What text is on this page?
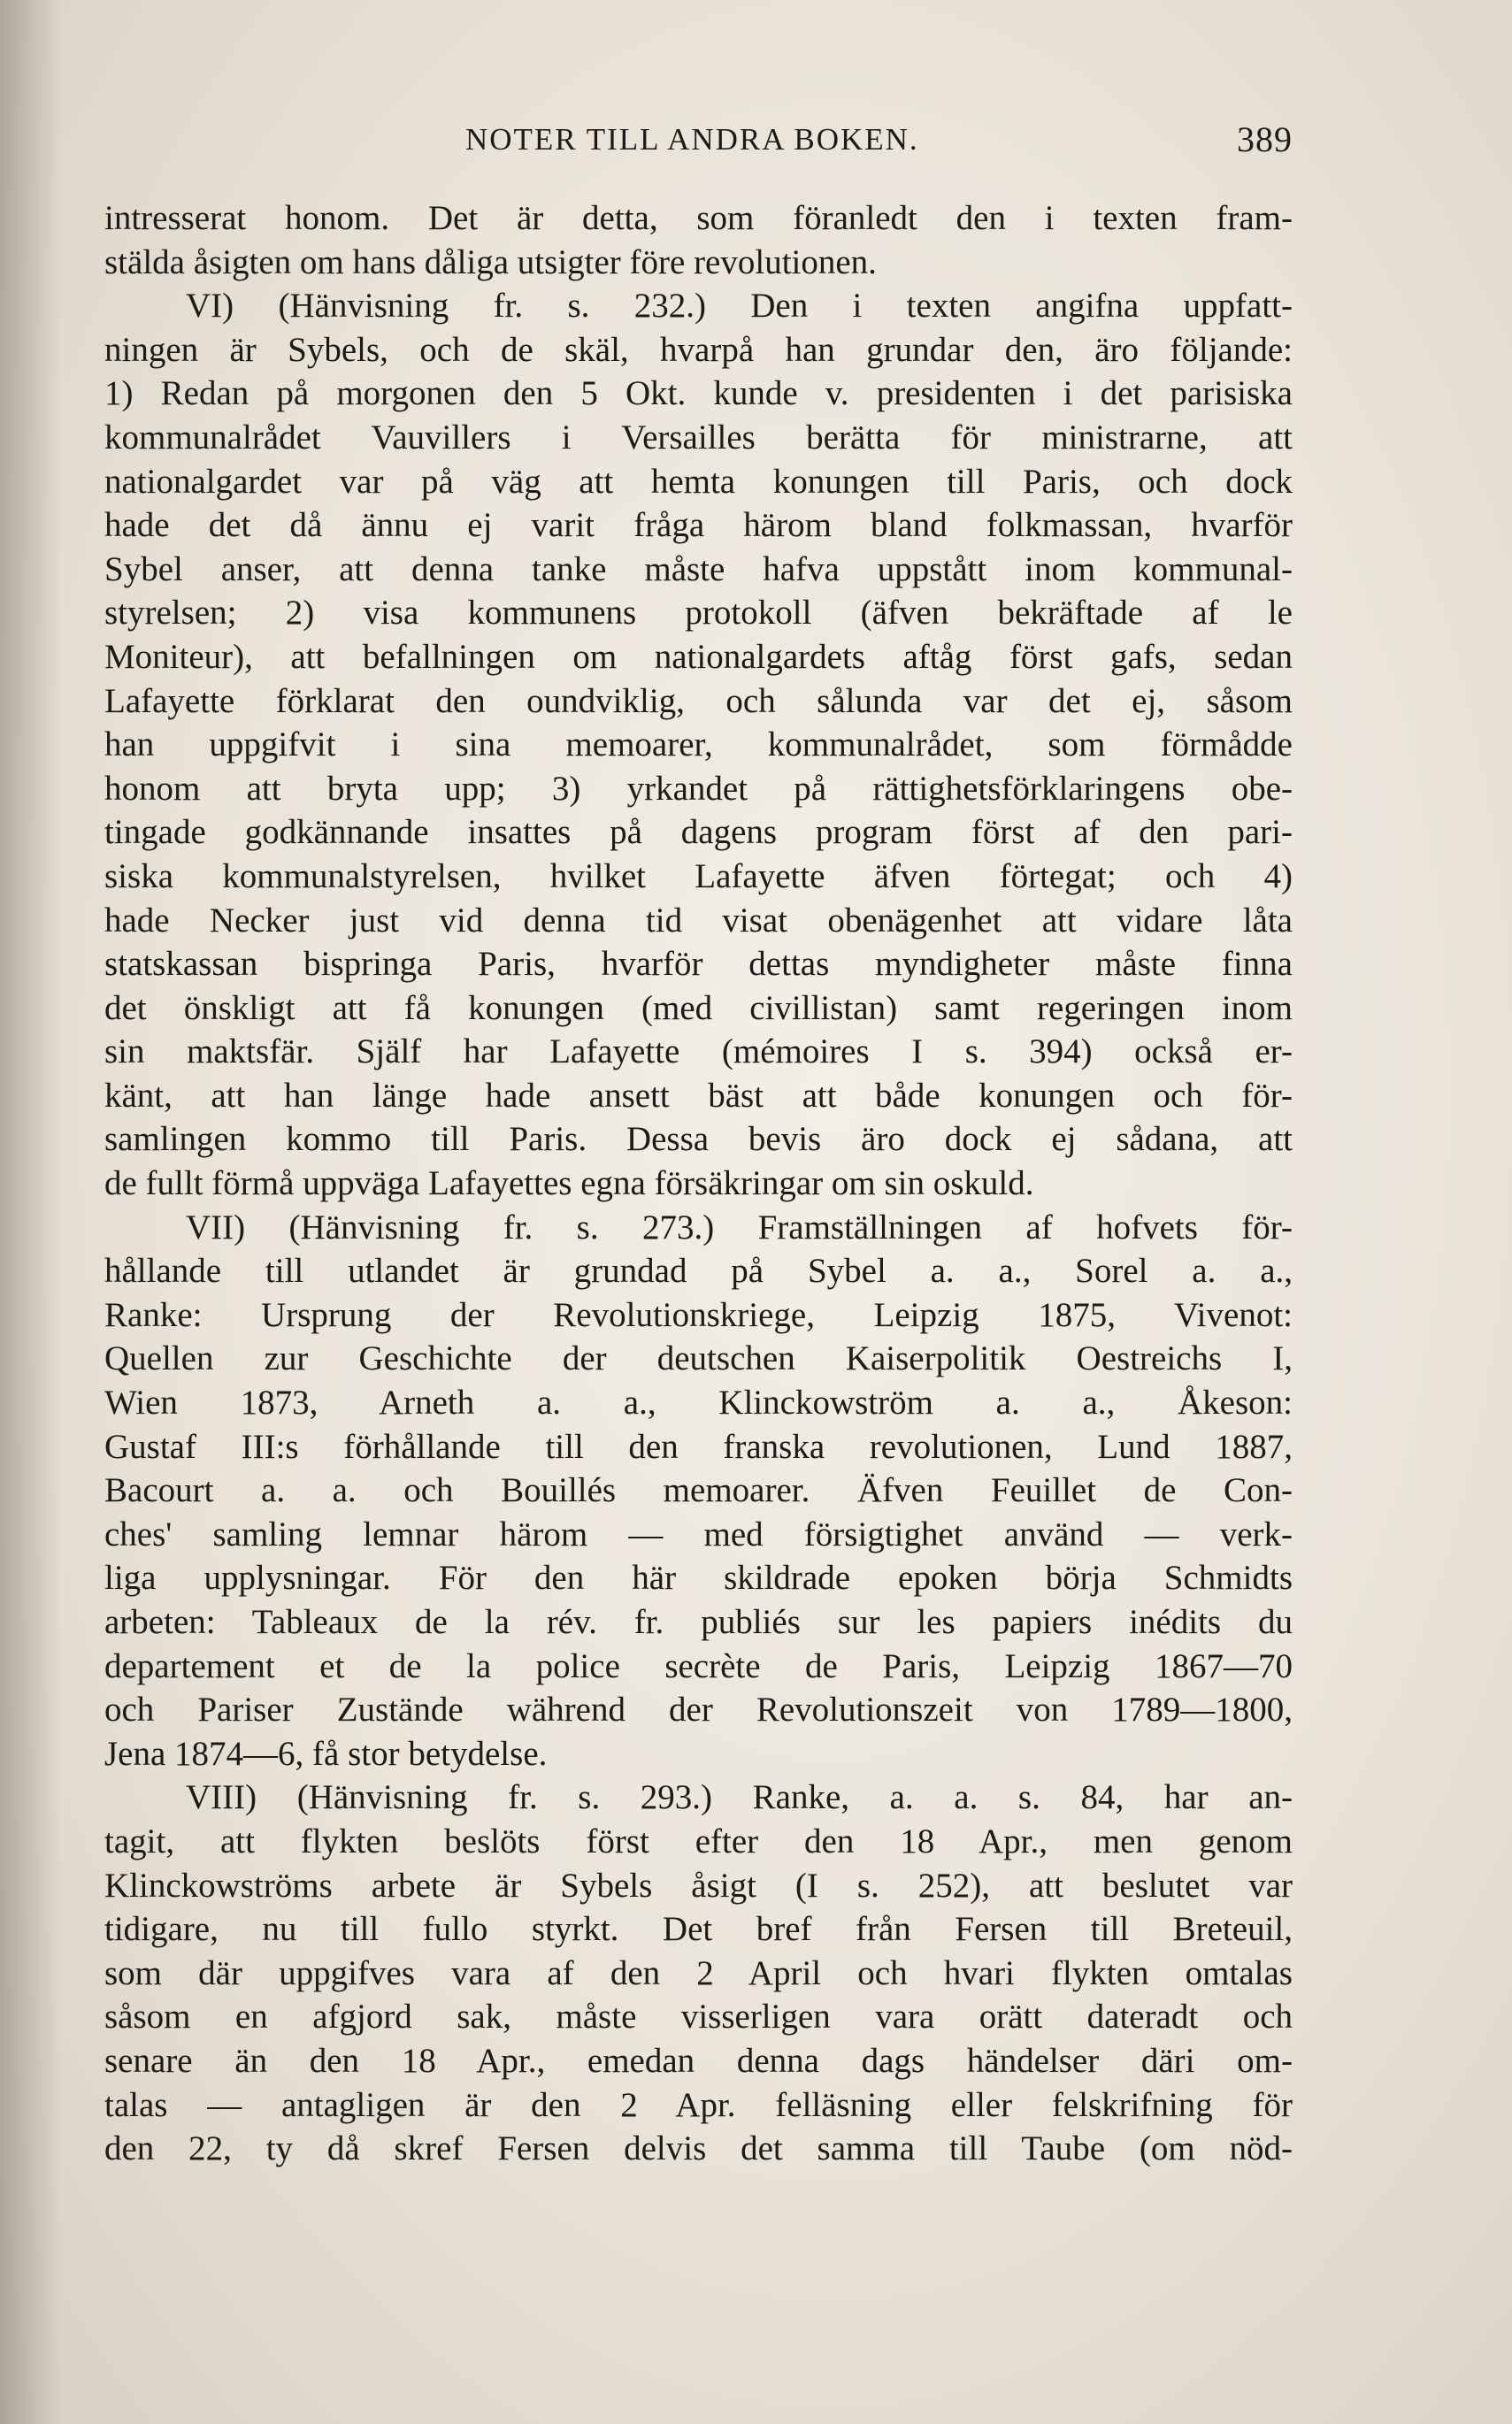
NOTER TILL ANDRA BOKEN.	389
intresserat honom. Det är detta, som föranledt den i texten fram-
stälda åsigten om hans dåliga utsigter före revolutionen.
VI) (Hänvisning fr. s. 232.) Den i texten angifna uppfatt-
ningen är Sybels, och de skäl, hvarpå han grundar den, äro följande:
1) Redan på morgonen den 5 Okt. kunde v. presidenten i det parisiska
kommunalrådet Vauvillers i Versailles berätta för ministrarne, att
nationalgardet var på väg att hemta konungen till Paris, och dock
hade det då ännu ej varit fråga härom bland folkmassan, hvarför
Sybel anser, att denna tanke måste hafva uppstått inom kommunal-
styrelsen; 2) visa kommunens protokoll (äfven bekräftade af le
Moniteur), att befallningen om nationalgardets aftåg först gafs, sedan
Lafayette förklarat den oundviklig, och sålunda var det ej, såsom
han uppgifvit i sina memoarer, kommunalrådet, som förmådde
honom att bryta upp; 3) yrkandet på rättighetsförklaringens obe-
tingade godkännande insattes på dagens program först af den pari-
siska kommunalstyrelsen, hvilket Lafayette äfven förtegat; och 4)
hade Necker just vid denna tid visat obenägenhet att vidare låta
statskassan bispringa Paris, hvarför dettas myndigheter måste finna
det önskligt att få konungen (med civillistan) samt regeringen inom
sin maktsfär. Själf har Lafayette (mémoires I s. 394) också er-
känt, att han länge hade ansett bäst att både konungen och för-
samlingen kommo till Paris. Dessa bevis äro dock ej sådana, att
de fullt förmå uppväga Lafayettes egna försäkringar om sin oskuld.
VII) (Hänvisning fr. s. 273.) Framställningen af hofvets för-
hållande till utlandet är grundad på Sybel a. a., Sorel a. a.,
Ranke: Ursprung der Revolutionskriege, Leipzig 1875, Vivenot:
Quellen zur Geschichte der deutschen Kaiserpolitik Oestreichs I,
Wien 1873, Arneth a. a., Klinckowström a. a., Åkeson:
Gustaf III:s förhållande till den franska revolutionen, Lund 1887,
Bacourt a. a. och Bouillés memoarer. Äfven Feuillet de Con-
ches' samling lemnar härom — med försigtighet använd — verk-
liga upplysningar. För den här skildrade epoken börja Schmidts
arbeten: Tableaux de la rév. fr. publiés sur les papiers inédits du
departement et de la police secrète de Paris, Leipzig 1867—70
och Pariser Zustände während der Revolutionszeit von 1789—1800,
Jena 1874—6, få stor betydelse.
VIII) (Hänvisning fr. s. 293.) Ranke, a. a. s. 84, har an-
tagit, att flykten beslöts först efter den 18 Apr., men genom
Klinckowströms arbete är Sybels åsigt (I s. 252), att beslutet var
tidigare, nu till fullo styrkt. Det bref från Fersen till Breteuil,
som där uppgifves vara af den 2 April och hvari flykten omtalas
såsom en afgjord sak, måste visserligen vara orätt dateradt och
senare än den 18 Apr., emedan denna dags händelser däri om-
talas — antagligen är den 2 Apr. felläsning eller felskrifning för
den 22, ty då skref Fersen delvis det samma till Taube (om nöd-
